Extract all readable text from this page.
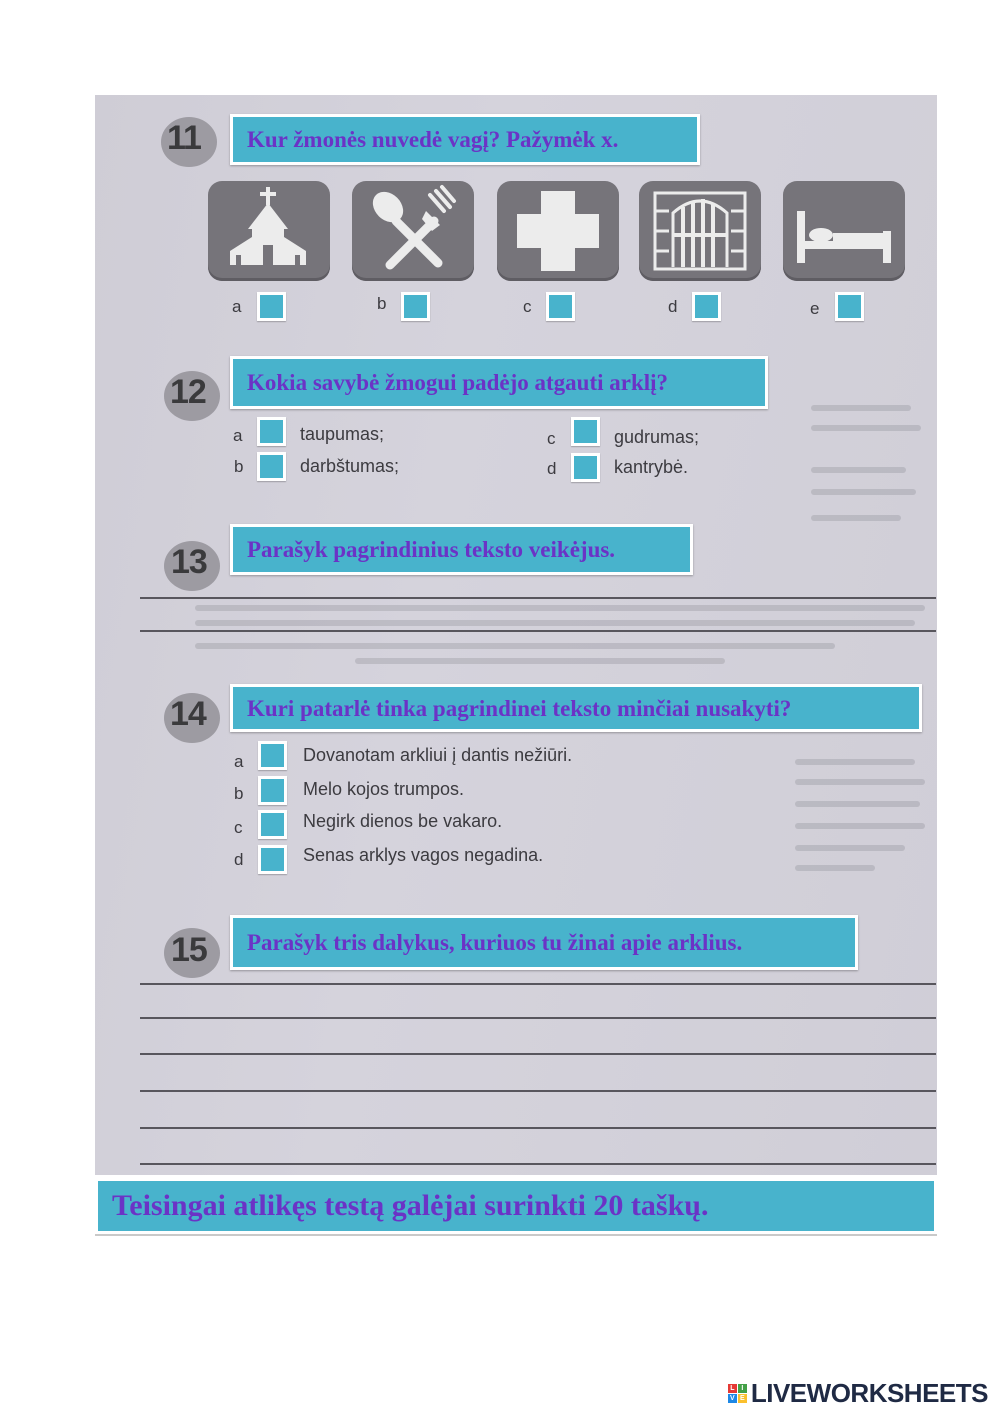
11	Kur žmonės nuvedė vagį? Pažymėk x.
a	b	c	d	e
12	Kokia savybė žmogui padėjo atgauti arklį?
a	taupumas;
b	darbštumas;
c	gudrumas;
d	kantrybė.
13	Parašyk pagrindinius teksto veikėjus.
14	Kuri patarlė tinka pagrindinei teksto minčiai nusakyti?
a	Dovanotam arkliui į dantis nežiūri.
b	Melo kojos trumpos.
c	Negirk dienos be vakaro.
d	Senas arklys vagos negadina.
15	Parašyk tris dalykus, kuriuos tu žinai apie arklius.
Teisingai atlikęs testą galėjai surinkti 20 taškų.
L I
V E LIVEWORKSHEETS
